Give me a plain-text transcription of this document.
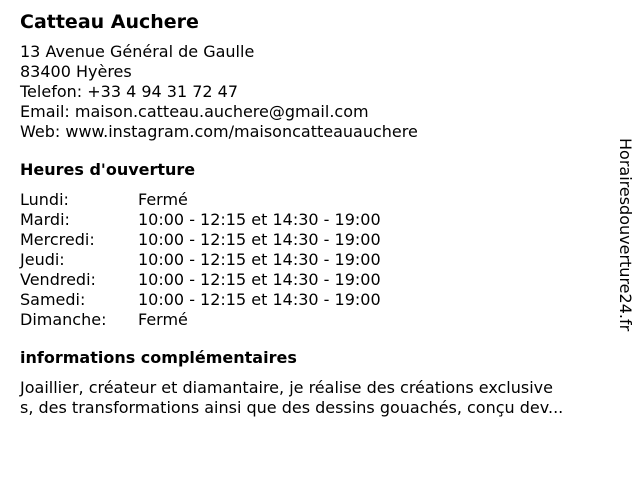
Catteau Auchere
13 Avenue Général de Gaulle
83400 Hyères
Telefon: +33 4 94 31 72 47
Email: maison.catteau.auchere@gmail.com
Web: www.instagram.com/maisoncatteauauchere
Heures d'ouverture
Lundi:	Fermé
Mardi:	10:00 - 12:15 et 14:30 - 19:00
Mercredi:	10:00 - 12:15 et 14:30 - 19:00
Jeudi:	10:00 - 12:15 et 14:30 - 19:00
Vendredi:	10:00 - 12:15 et 14:30 - 19:00
Samedi:	10:00 - 12:15 et 14:30 - 19:00
Dimanche:	Fermé
informations complémentaires
Joaillier, créateur et diamantaire, je réalise des créations exclusive
s, des transformations ainsi que des dessins gouachés, conçu dev...
Horairesdouverture24.fr
